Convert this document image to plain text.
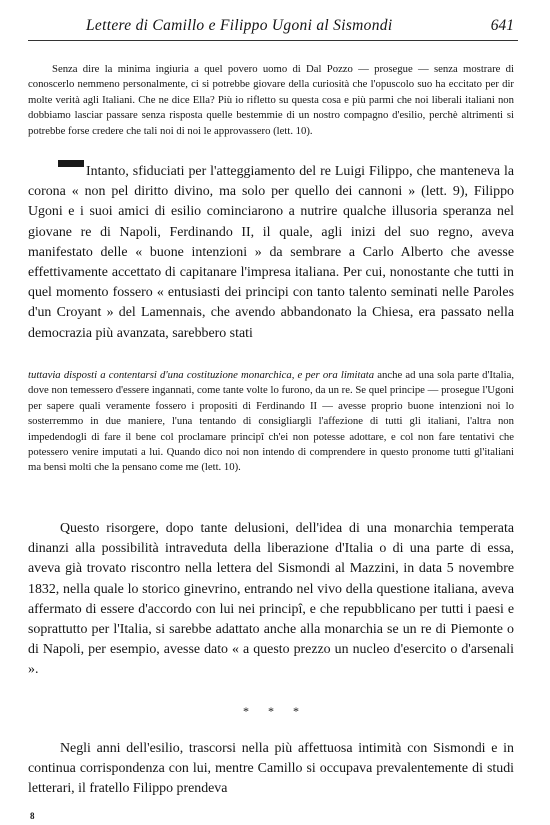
Lettere di Camillo e Filippo Ugoni al Sismondi	641

Senza dire la minima ingiuria a quel povero uomo di Dal Pozzo — prosegue — senza mostrare di conoscerlo nemmeno personalmente, ci si potrebbe giovare della curiosità che l'opuscolo suo ha eccitato per dir molte verità agli Italiani. Che ne dice Ella? Più io rifletto su questa cosa e più parmi che noi liberali italiani non dobbiamo lasciar passare senza risposta quelle bestemmie di un nostro compagno d'esilio, perchè altrimenti si potrebbe forse credere che tali noi di noi le approvassero (lett. 10).

Intanto, sfiduciati per l'atteggiamento del re Luigi Filippo, che manteneva la corona « non pel diritto divino, ma solo per quello dei cannoni » (lett. 9), Filippo Ugoni e i suoi amici di esilio cominciarono a nutrire qualche illusoria speranza nel giovane re di Napoli, Ferdinando II, il quale, agli inizi del suo regno, aveva manifestato delle « buone intenzioni » da sembrare a Carlo Alberto che avesse effettivamente accettato di capitanare l'impresa italiana. Per cui, nonostante che tutti in quel momento fossero « entusiasti dei principi con tanto talento seminati nelle Paroles d'un Croyant » del Lamennais, che avendo abbandonato la Chiesa, era passato nella democrazia più avanzata, sarebbero stati

tuttavia disposti a contentarsi d'una costituzione monarchica, e per ora limitata anche ad una sola parte d'Italia, dove non temessero d'essere ingannati, come tante volte lo furono, da un re. Se quel principe — prosegue l'Ugoni per sapere quali veramente fossero i propositi di Ferdinando II — avesse proprio buone intenzioni noi lo sosterremmo in due maniere, l'una tentando di consigliargli l'affezione di tutti gli italiani, l'altra non impedendogli di fare il bene col proclamare principî ch'ei non potesse adottare, e col non fare tentativi che potessero venire imputati a lui. Quando dico noi non intendo di comprendere in questo pronome tutti gl'italiani ma bensì molti che la pensano come me (lett. 10).

Questo risorgere, dopo tante delusioni, dell'idea di una monarchia temperata dinanzi alla possibilità intraveduta della liberazione d'Italia o di una parte di essa, aveva già trovato riscontro nella lettera del Sismondi al Mazzini, in data 5 novembre 1832, nella quale lo storico ginevrino, entrando nel vivo della questione italiana, aveva affermato di essere d'accordo con lui nei principî, e che repubblicano per tutti i paesi e soprattutto per l'Italia, si sarebbe adattato anche alla monarchia se un re di Piemonte o di Napoli, per esempio, avesse dato « a questo prezzo un nucleo d'esercito o d'arsenali ».

* * *

Negli anni dell'esilio, trascorsi nella più affettuosa intimità con Sismondi e in continua corrispondenza con lui, mentre Camillo si occupava prevalentemente di studi letterari, il fratello Filippo prendeva

8
